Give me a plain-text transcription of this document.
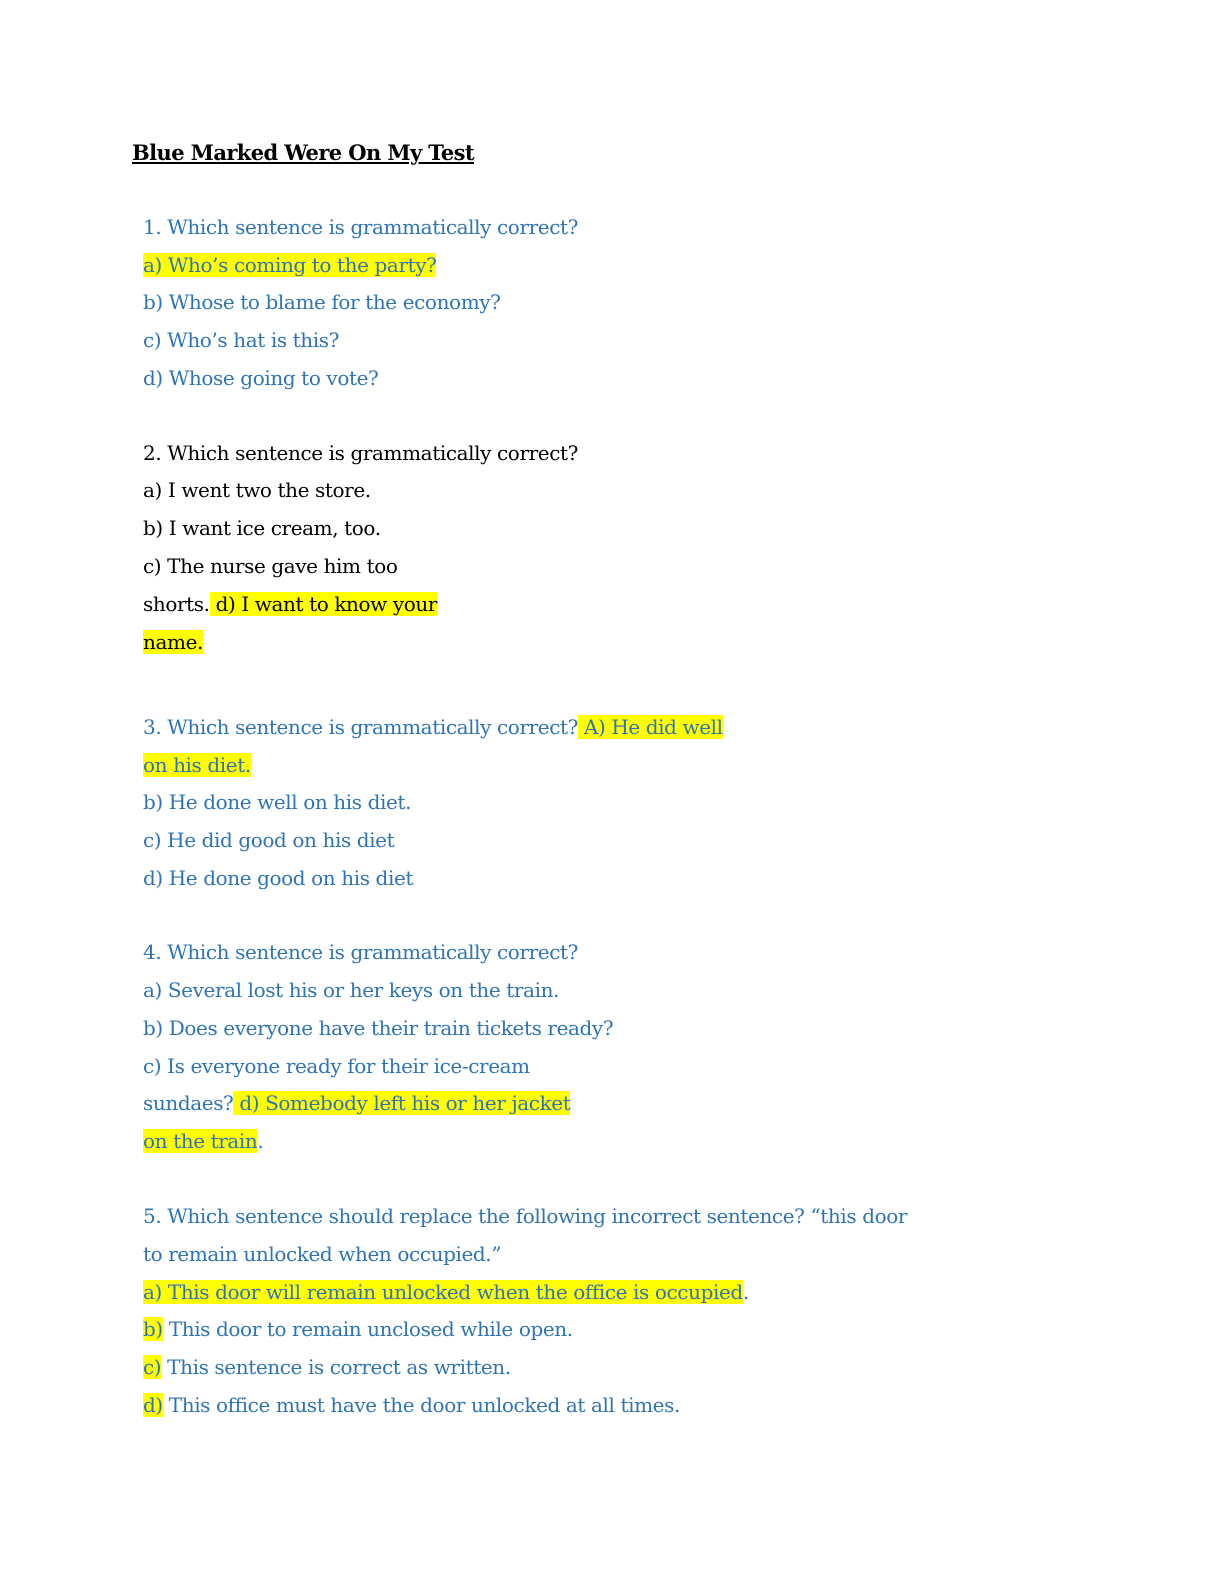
Blue Marked Were On My Test
1. Which sentence is grammatically correct?
a) Who’s coming to the party?
b) Whose to blame for the economy?
c) Who’s hat is this?
d) Whose going to vote?
2. Which sentence is grammatically correct?
a) I went two the store.
b) I want ice cream, too.
c) The nurse gave him too
shorts. d) I want to know your
name.
3. Which sentence is grammatically correct? A) He did well
on his diet.
b) He done well on his diet.
c) He did good on his diet
d) He done good on his diet
4. Which sentence is grammatically correct?
a) Several lost his or her keys on the train.
b) Does everyone have their train tickets ready?
c) Is everyone ready for their ice-cream
sundaes? d) Somebody left his or her jacket
on the train.
5. Which sentence should replace the following incorrect sentence? “this door
to remain unlocked when occupied.”
a) This door will remain unlocked when the office is occupied.
b) This door to remain unclosed while open.
c) This sentence is correct as written.
d) This office must have the door unlocked at all times.
